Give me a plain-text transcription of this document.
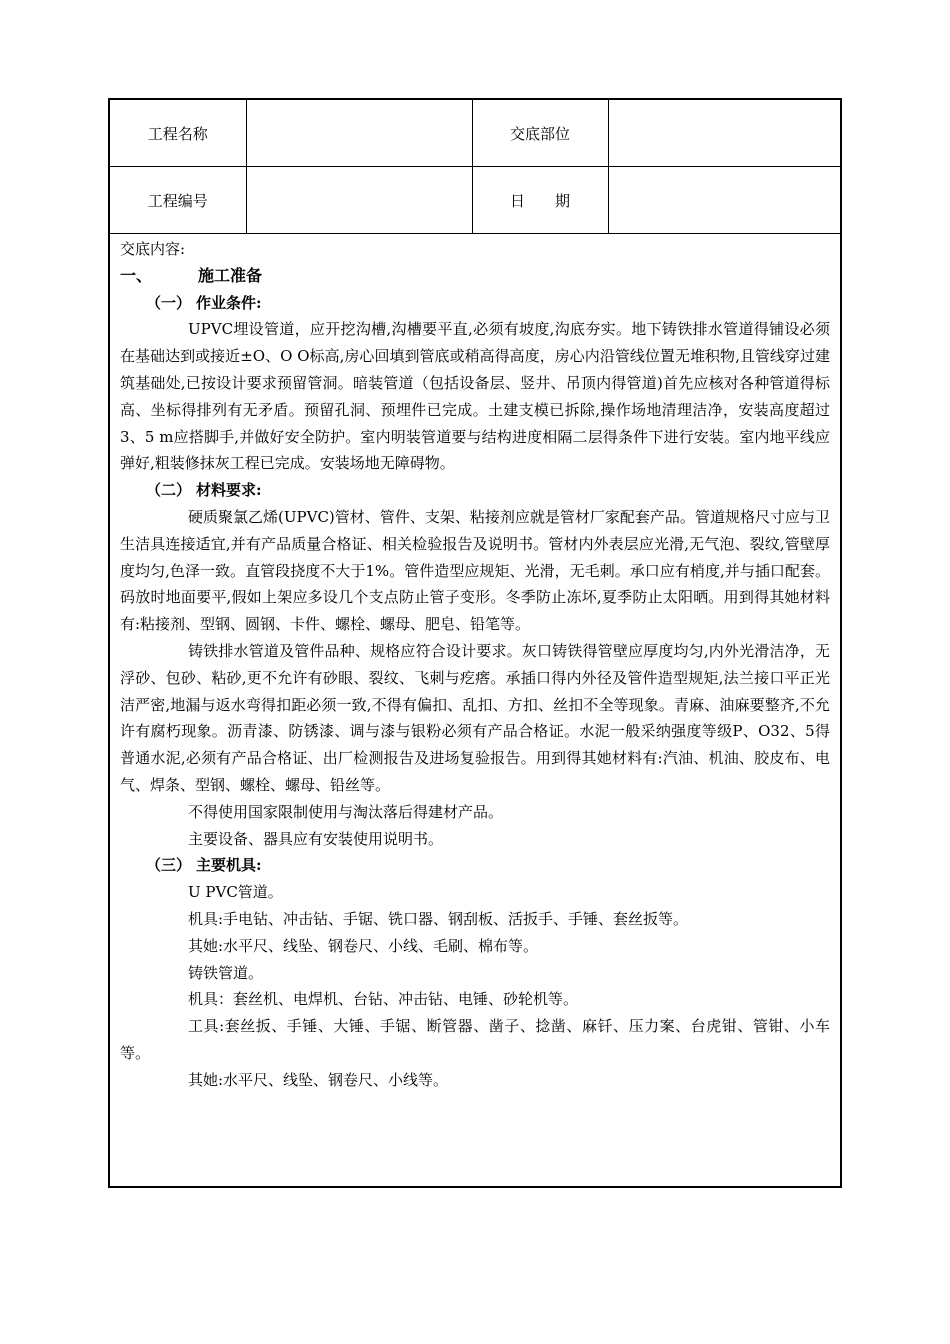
工程名称		交底部位	
工程编号		日　　期	

交底内容:

一、	施工准备

（一） 作业条件:

UPVC埋设管道，应开挖沟槽,沟槽要平直,必须有坡度,沟底夯实。地下铸铁排水管道得铺设必须在基础达到或接近±O、O O标高,房心回填到管底或稍高得高度，房心内沿管线位置无堆积物,且管线穿过建筑基础处,已按设计要求预留管洞。暗装管道（包括设备层、竖井、吊顶内得管道)首先应核对各种管道得标高、坐标得排列有无矛盾。预留孔洞、预埋件已完成。土建支模已拆除,操作场地清理洁净，安装高度超过3、5 m应搭脚手,并做好安全防护。室内明装管道要与结构进度相隔二层得条件下进行安装。室内地平线应弹好,粗装修抹灰工程已完成。安装场地无障碍物。

（二） 材料要求:

硬质聚氯乙烯(UPVC)管材、管件、支架、粘接剂应就是管材厂家配套产品。管道规格尺寸应与卫生洁具连接适宜,并有产品质量合格证、相关检验报告及说明书。管材内外表层应光滑,无气泡、裂纹,管壁厚度均匀,色泽一致。直管段挠度不大于1%。管件造型应规矩、光滑，无毛刺。承口应有梢度,并与插口配套。码放时地面要平,假如上架应多设几个支点防止管子变形。冬季防止冻坏,夏季防止太阳晒。用到得其她材料有:粘接剂、型钢、圆钢、卡件、螺栓、螺母、肥皂、铅笔等。

铸铁排水管道及管件品种、规格应符合设计要求。灰口铸铁得管壁应厚度均匀,内外光滑洁净，无浮砂、包砂、粘砂,更不允许有砂眼、裂纹、飞刺与疙瘩。承插口得内外径及管件造型规矩,法兰接口平正光洁严密,地漏与返水弯得扣距必须一致,不得有偏扣、乱扣、方扣、丝扣不全等现象。青麻、油麻要整齐,不允许有腐朽现象。沥青漆、防锈漆、调与漆与银粉必须有产品合格证。水泥一般采纳强度等级P、O32、5得普通水泥,必须有产品合格证、出厂检测报告及进场复验报告。用到得其她材料有:汽油、机油、胶皮布、电气、焊条、型钢、螺栓、螺母、铅丝等。

不得使用国家限制使用与淘汰落后得建材产品。

主要设备、器具应有安装使用说明书。

（三） 主要机具:

U PVC管道。

机具:手电钻、冲击钻、手锯、铣口器、钢刮板、活扳手、手锤、套丝扳等。

其她:水平尺、线坠、钢卷尺、小线、毛刷、棉布等。

铸铁管道。

机具：套丝机、电焊机、台钻、冲击钻、电锤、砂轮机等。

工具:套丝扳、手锤、大锤、手锯、断管器、凿子、捻凿、麻钎、压力案、台虎钳、管钳、小车等。

其她:水平尺、线坠、钢卷尺、小线等。
